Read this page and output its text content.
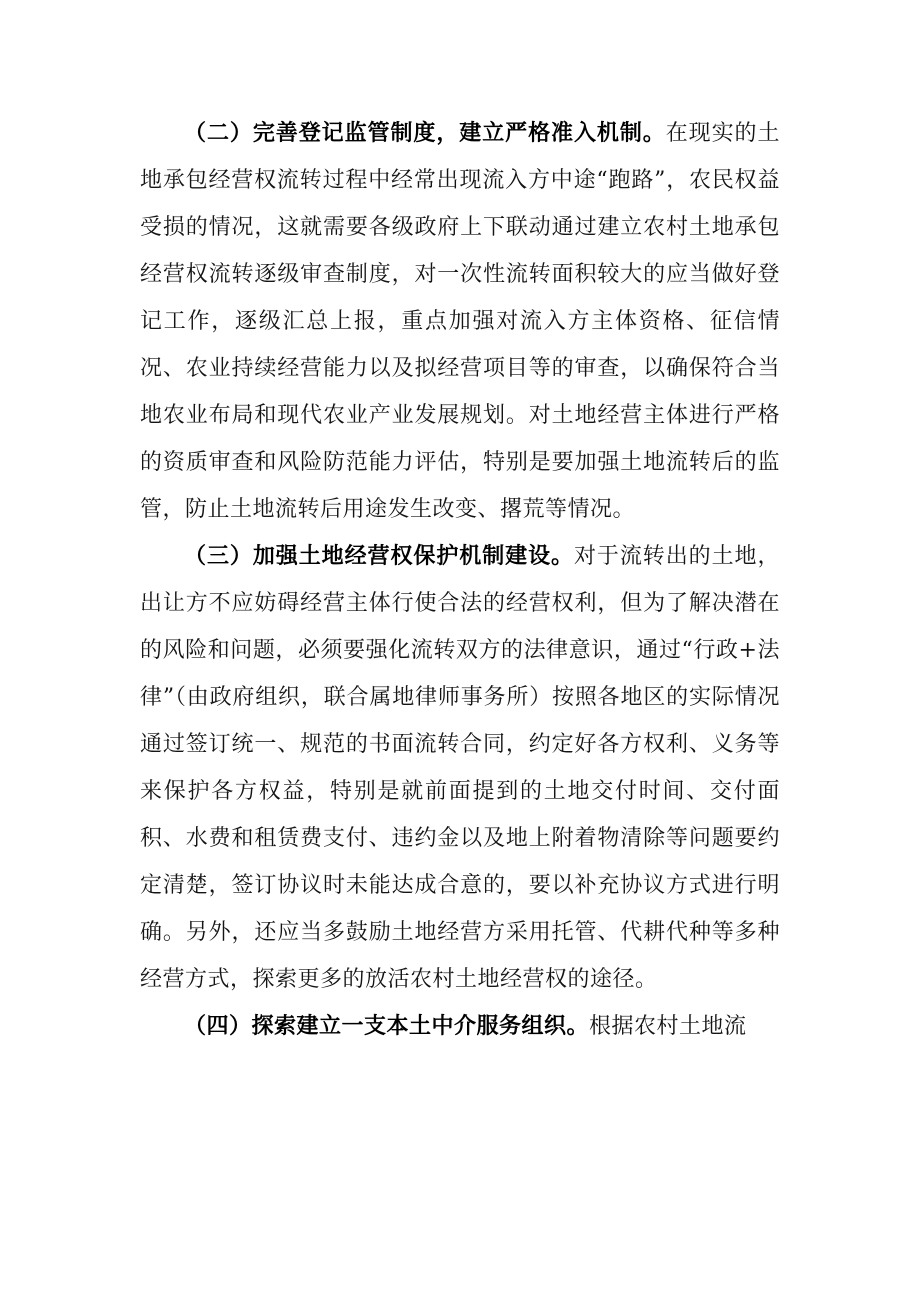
（二）完善登记监管制度，建立严格准入机制。在现实的土地承包经营权流转过程中经常出现流入方中途“跑路”，农民权益受损的情况，这就需要各级政府上下联动通过建立农村土地承包经营权流转逐级审查制度，对一次性流转面积较大的应当做好登记工作，逐级汇总上报，重点加强对流入方主体资格、征信情况、农业持续经营能力以及拟经营项目等的审查，以确保符合当地农业布局和现代农业产业发展规划。对土地经营主体进行严格的资质审查和风险防范能力评估，特别是要加强土地流转后的监管，防止土地流转后用途发生改变、撂荒等情况。

（三）加强土地经营权保护机制建设。对于流转出的土地，出让方不应妨碍经营主体行使合法的经营权利，但为了解决潜在的风险和问题，必须要强化流转双方的法律意识，通过“行政+法律”（由政府组织，联合属地律师事务所）按照各地区的实际情况通过签订统一、规范的书面流转合同，约定好各方权利、义务等来保护各方权益，特别是就前面提到的土地交付时间、交付面积、水费和租赁费支付、违约金以及地上附着物清除等问题要约定清楚，签订协议时未能达成合意的，要以补充协议方式进行明确。另外，还应当多鼓励土地经营方采用托管、代耕代种等多种经营方式，探索更多的放活农村土地经营权的途径。

（四）探索建立一支本土中介服务组织。根据农村土地流
